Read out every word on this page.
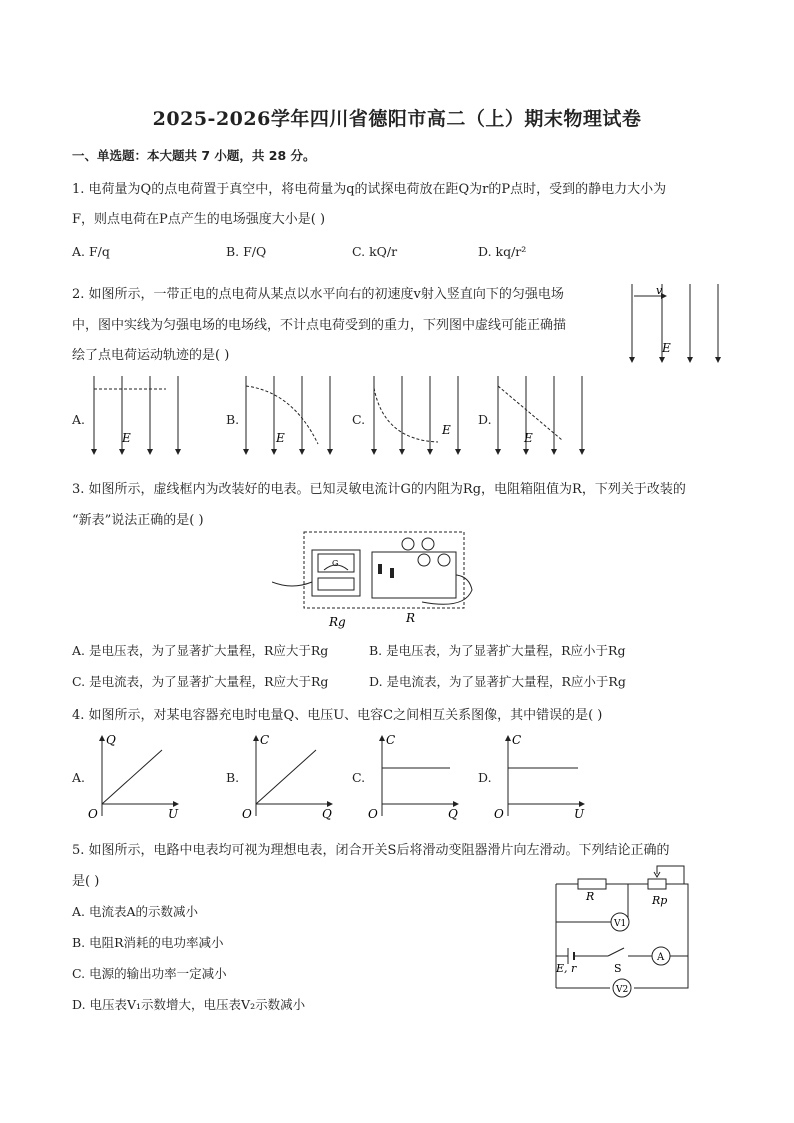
2025-2026学年四川省德阳市高二（上）期末物理试卷
一、单选题：本大题共 7 小题，共 28 分。
1. 电荷量为Q的点电荷置于真空中，将电荷量为q的试探电荷放在距Q为r的P点时，受到的静电力大小为
F，则点电荷在P点产生的电场强度大小是( )
A. F/q	B. F/Q	C. kQ/r	D. kq/r²
2. 如图所示，一带正电的点电荷从某点以水平向右的初速度v射入竖直向下的匀强电场
中，图中实线为匀强电场的电场线，不计点电荷受到的重力，下列图中虚线可能正确描
绘了点电荷运动轨迹的是( )
v
E
A.
E
B.
E
C.
E
D.
E
3. 如图所示，虚线框内为改装好的电表。已知灵敏电流计G的内阻为Rg，电阻箱阻值为R，下列关于改装的
“新表”说法正确的是( )
G
Rg	R
A. 是电压表，为了显著扩大量程，R应大于Rg	B. 是电压表，为了显著扩大量程，R应小于Rg
C. 是电流表，为了显著扩大量程，R应大于Rg	D. 是电流表，为了显著扩大量程，R应小于Rg
4. 如图所示，对某电容器充电时电量Q、电压U、电容C之间相互关系图像，其中错误的是( )
A.
Q
U
O
B.
C
Q
O
C.
C
Q
O
D.
C
U
O
5. 如图所示，电路中电表均可视为理想电表，闭合开关S后将滑动变阻器滑片向左滑动。下列结论正确的
是( )
A. 电流表A的示数减小
B. 电阻R消耗的电功率减小
C. 电源的输出功率一定减小
D. 电压表V₁示数增大，电压表V₂示数减小
V1
A
E, r	S
V2
R	Rp
